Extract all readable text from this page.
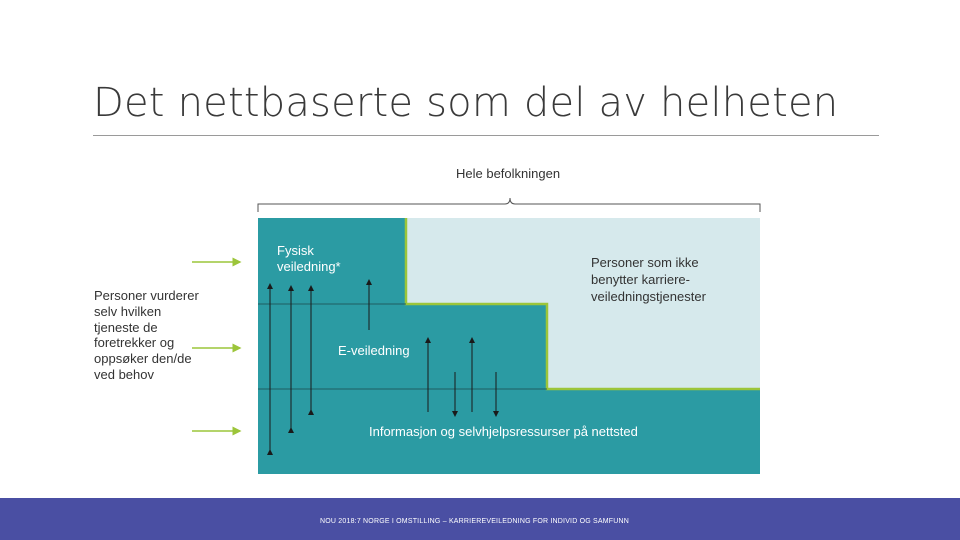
Det nettbaserte som del av helheten
Hele befolkningen
Personer vurderer selv hvilken tjeneste de foretrekker og oppsøker den/de ved behov
Fysisk
veiledning*
E-veiledning
Informasjon og selvhjelpsressurser på nettsted
Personer som ikke
benytter karriere-
veiledningstjenester
NOU 2018:7 NORGE I OMSTILLING – KARRIEREVEILEDNING FOR INDIVID OG SAMFUNN
